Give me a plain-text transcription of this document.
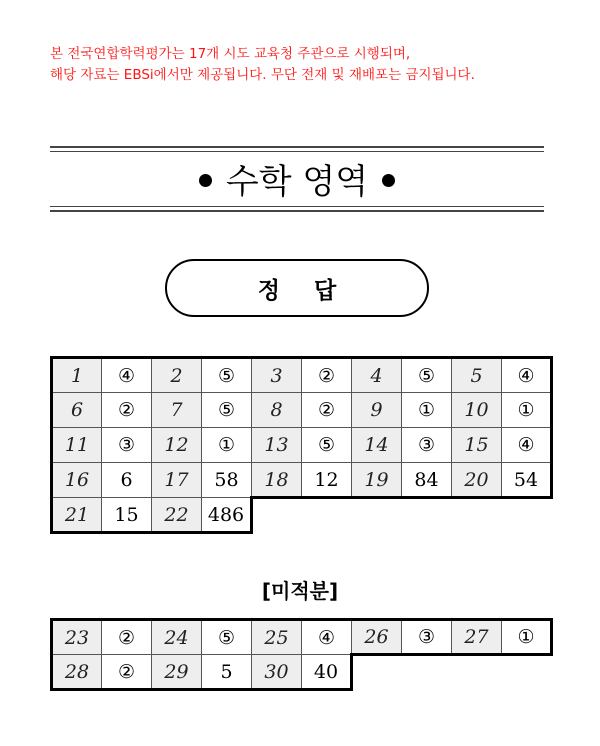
본 전국연합학력평가는 17개 시도 교육청 주관으로 시행되며,
해당 자료는 EBSi에서만 제공됩니다. 무단 전재 및 재배포는 금지됩니다.
수학 영역
정 답
1	④	2	⑤	3	②	4	⑤	5	④
6	②	7	⑤	8	②	9	①	10	①
11	③	12	①	13	⑤	14	③	15	④
16	6	17	58	18	12	19	84	20	54
21	15	22	486						
[미적분]
23	②	24	⑤	25	④	26	③	27	①
28	②	29	5	30	40				
